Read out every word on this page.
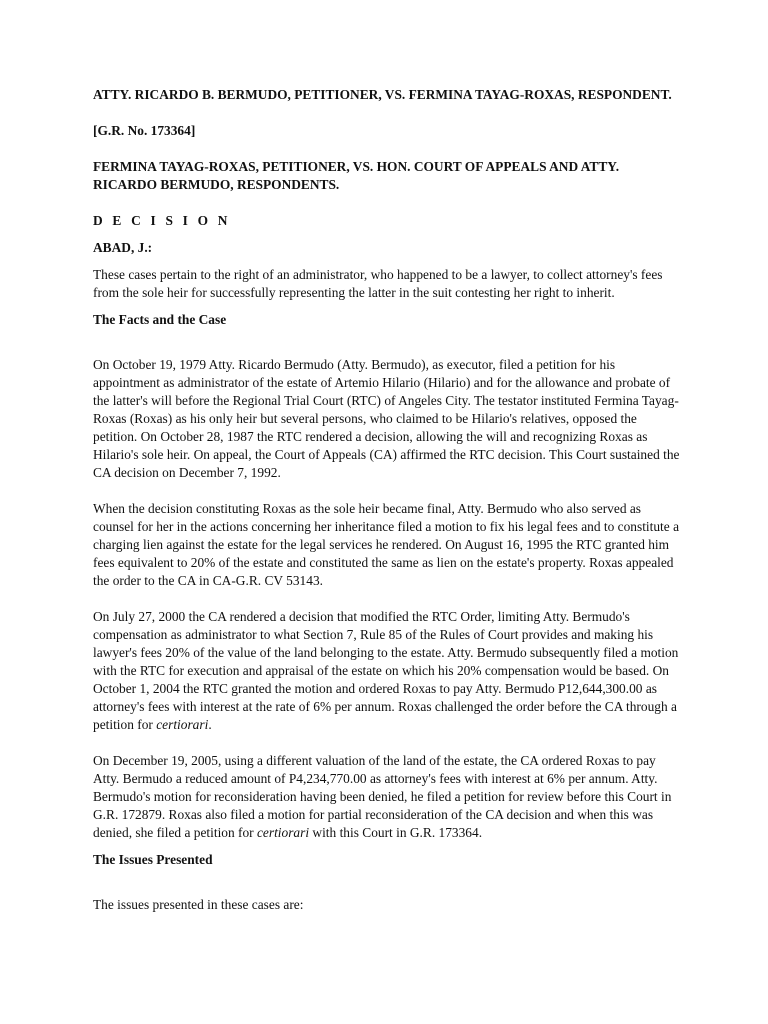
ATTY. RICARDO B. BERMUDO, PETITIONER, VS. FERMINA TAYAG-ROXAS, RESPONDENT.

[G.R. No. 173364]

FERMINA TAYAG-ROXAS, PETITIONER, VS. HON. COURT OF APPEALS AND ATTY. RICARDO BERMUDO, RESPONDENTS.

D E C I S I O N

ABAD, J.:

These cases pertain to the right of an administrator, who happened to be a lawyer, to collect attorney's fees from the sole heir for successfully representing the latter in the suit contesting her right to inherit.

The Facts and the Case

On October 19, 1979 Atty. Ricardo Bermudo (Atty. Bermudo), as executor, filed a petition for his appointment as administrator of the estate of Artemio Hilario (Hilario) and for the allowance and probate of the latter's will before the Regional Trial Court (RTC) of Angeles City. The testator instituted Fermina Tayag-Roxas (Roxas) as his only heir but several persons, who claimed to be Hilario's relatives, opposed the petition. On October 28, 1987 the RTC rendered a decision, allowing the will and recognizing Roxas as Hilario's sole heir. On appeal, the Court of Appeals (CA) affirmed the RTC decision. This Court sustained the CA decision on December 7, 1992.

When the decision constituting Roxas as the sole heir became final, Atty. Bermudo who also served as counsel for her in the actions concerning her inheritance filed a motion to fix his legal fees and to constitute a charging lien against the estate for the legal services he rendered. On August 16, 1995 the RTC granted him fees equivalent to 20% of the estate and constituted the same as lien on the estate's property. Roxas appealed the order to the CA in CA-G.R. CV 53143.

On July 27, 2000 the CA rendered a decision that modified the RTC Order, limiting Atty. Bermudo's compensation as administrator to what Section 7, Rule 85 of the Rules of Court provides and making his lawyer's fees 20% of the value of the land belonging to the estate. Atty. Bermudo subsequently filed a motion with the RTC for execution and appraisal of the estate on which his 20% compensation would be based. On October 1, 2004 the RTC granted the motion and ordered Roxas to pay Atty. Bermudo P12,644,300.00 as attorney's fees with interest at the rate of 6% per annum. Roxas challenged the order before the CA through a petition for certiorari.

On December 19, 2005, using a different valuation of the land of the estate, the CA ordered Roxas to pay Atty. Bermudo a reduced amount of P4,234,770.00 as attorney's fees with interest at 6% per annum. Atty. Bermudo's motion for reconsideration having been denied, he filed a petition for review before this Court in G.R. 172879. Roxas also filed a motion for partial reconsideration of the CA decision and when this was denied, she filed a petition for certiorari with this Court in G.R. 173364.

The Issues Presented

The issues presented in these cases are:
